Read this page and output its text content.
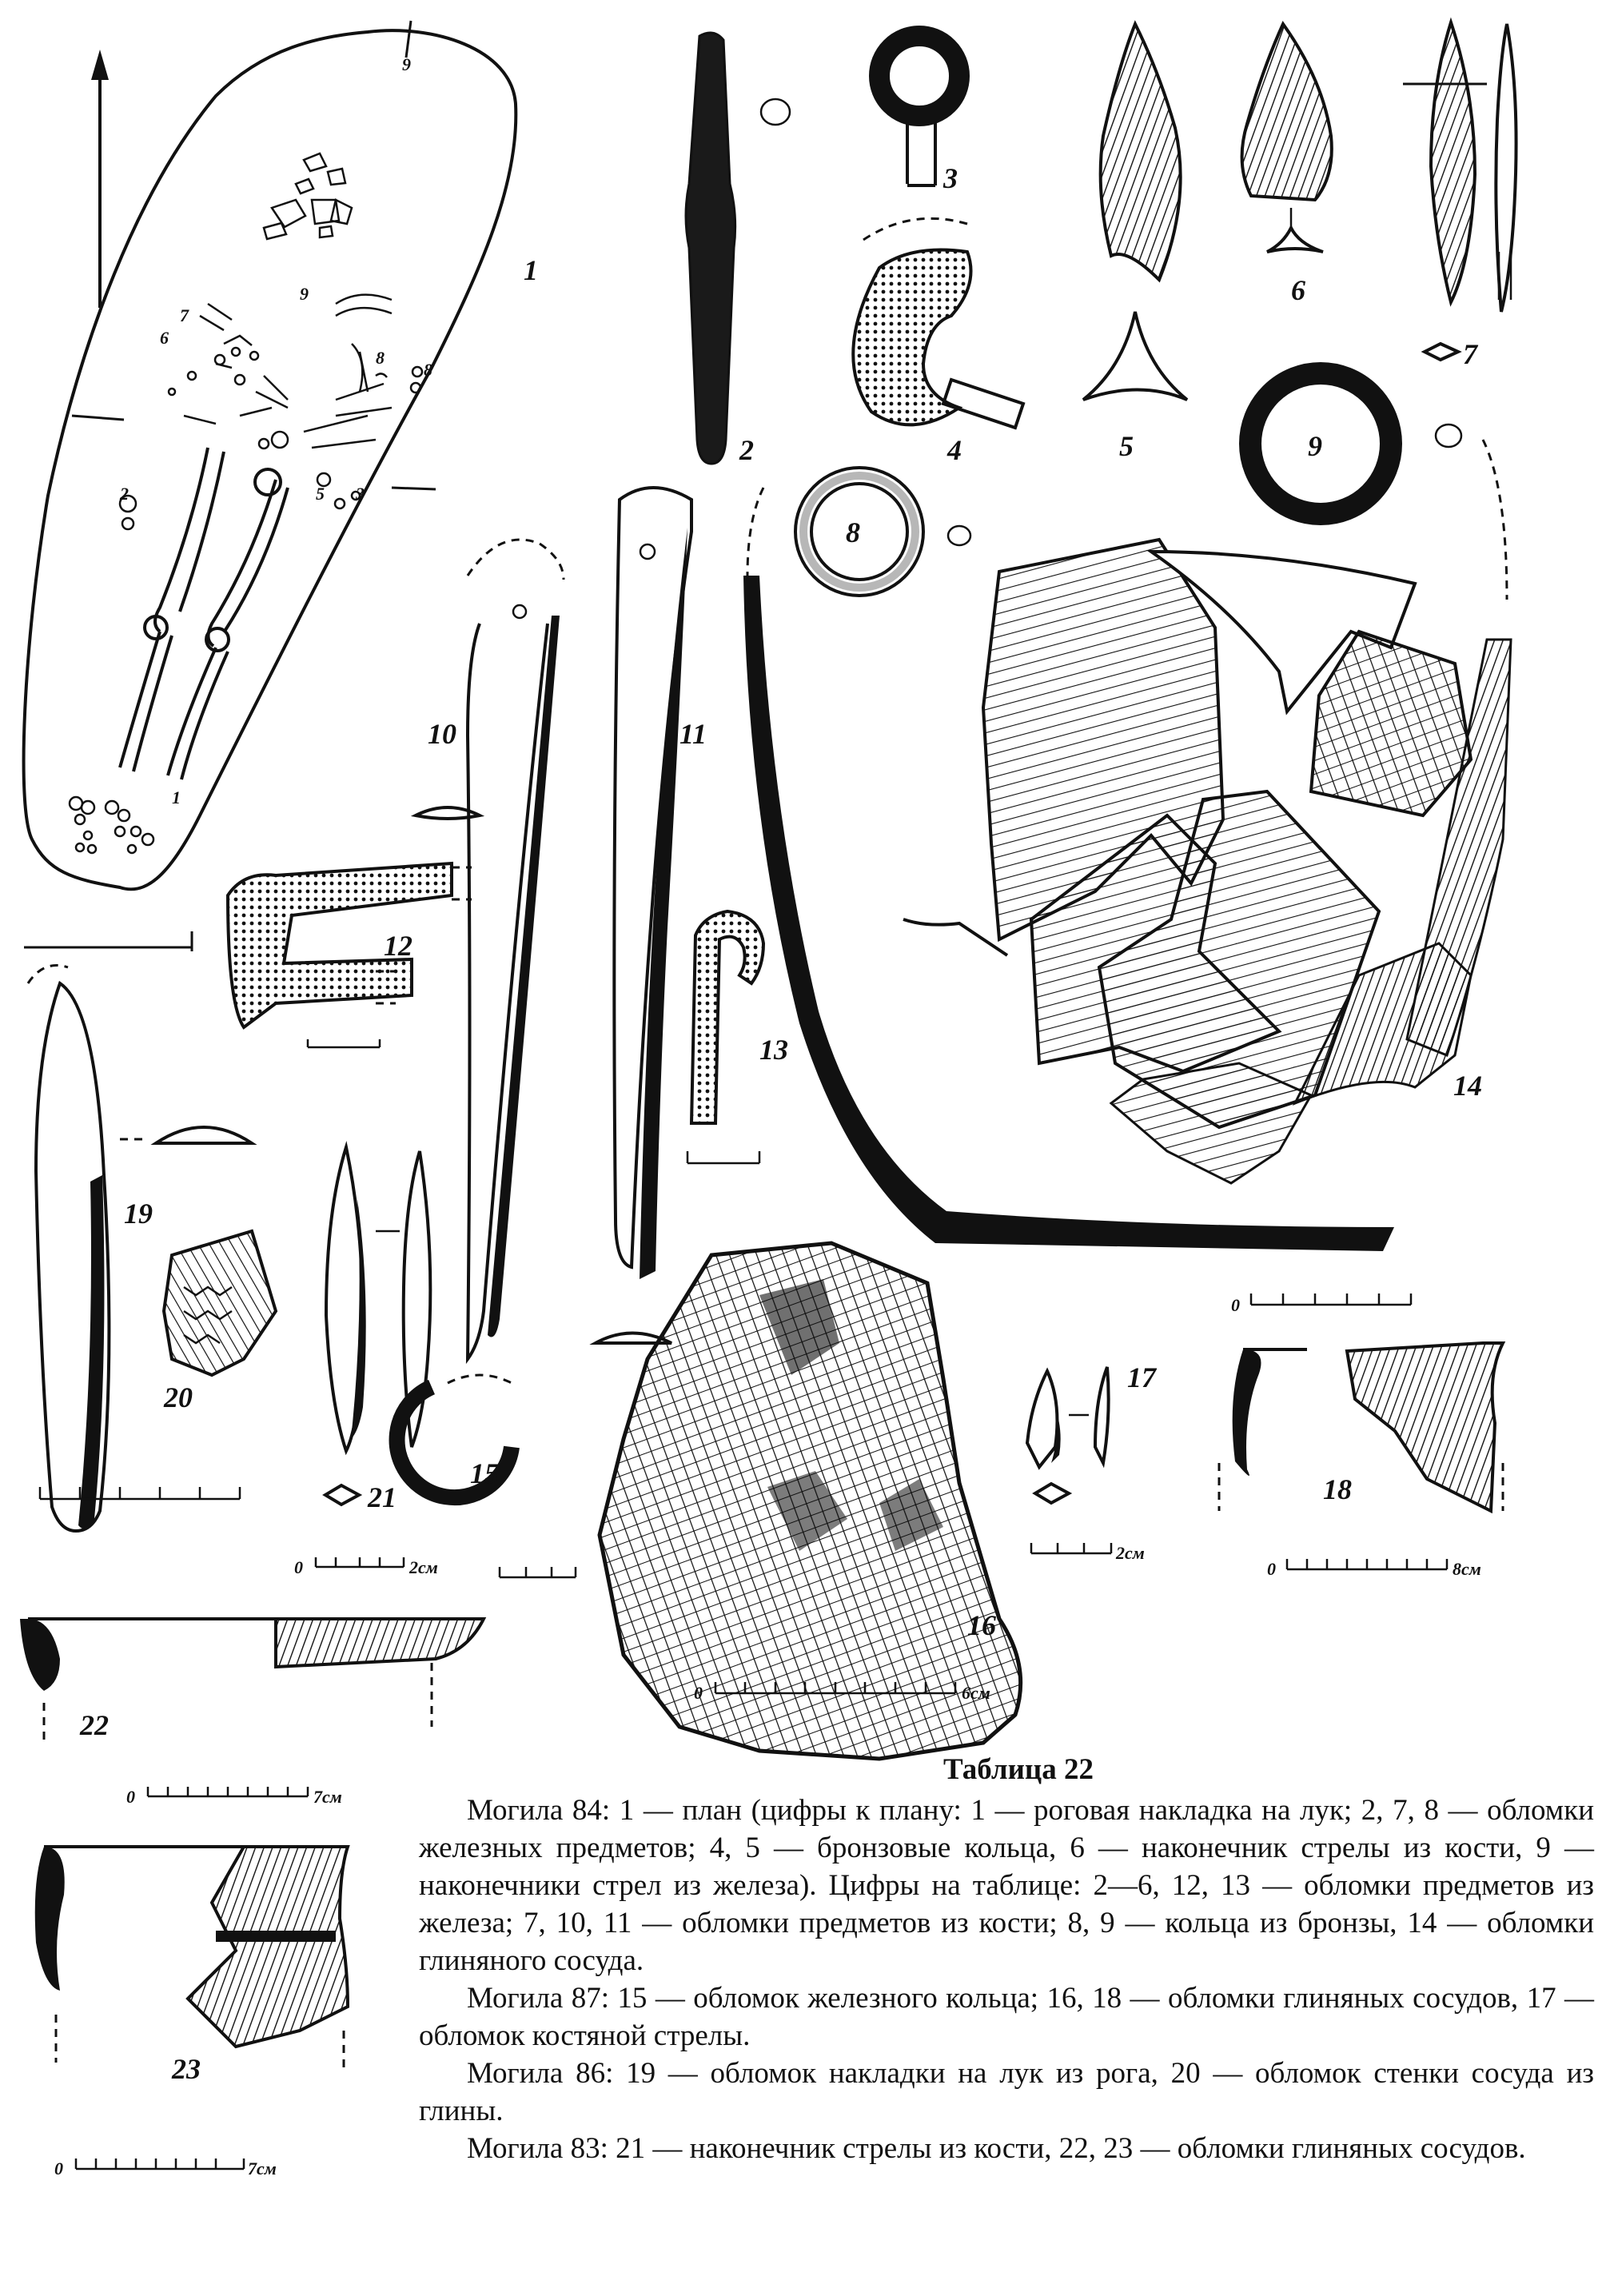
9
9
7
6
8
8
2	5 3
1
1
2
3
4	5
6
7
8
9
10	11
12
13
14
0
19
20
21
0	2см
15
16
0	6см
17
2см
18
0	8см
22
0	7см
23
0	7см
Таблица 22

Могила 84: 1 — план (цифры к плану: 1 — роговая накладка на лук; 2, 7, 8 — обломки железных предметов; 4, 5 — бронзовые кольца, 6 — наконечник стрелы из кости, 9 — наконечники стрел из железа). Цифры на таблице: 2—6, 12, 13 — обломки предметов из железа; 7, 10, 11 — обломки предметов из кости; 8, 9 — кольца из бронзы, 14 — обломки глиняного сосуда.

Могила 87: 15 — обломок железного кольца; 16, 18 — обломки глиняных сосудов, 17 — обломок костяной стрелы.

Могила 86: 19 — обломок накладки на лук из рога, 20 — обломок стенки сосуда из глины.

Могила 83: 21 — наконечник стрелы из кости, 22, 23 — обломки глиняных сосудов.
